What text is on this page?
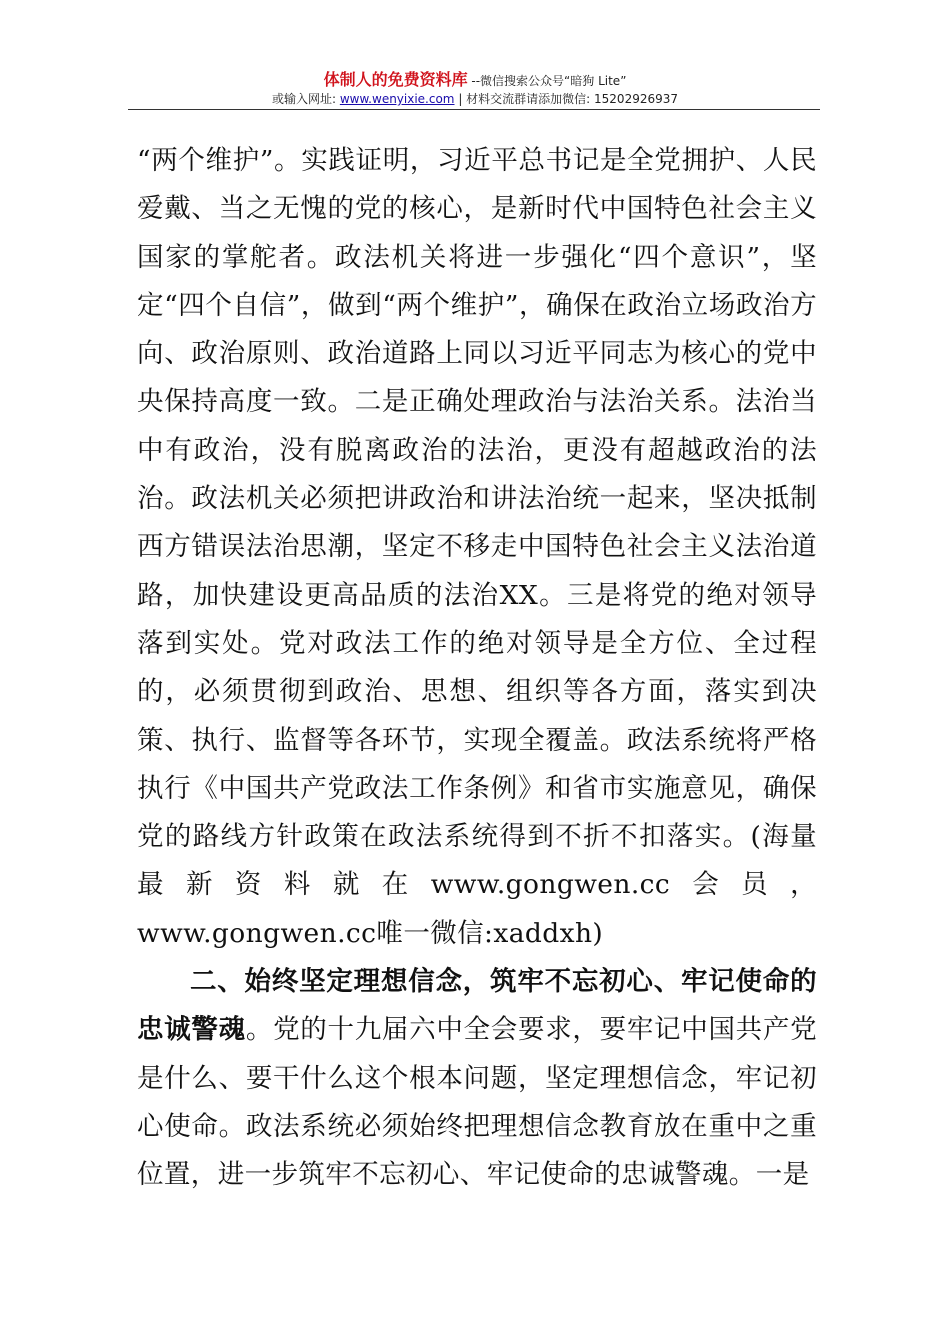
体制人的免费资料库 --微信搜索公众号“暗狗 Lite”
或输入网址: www.wenyixie.com | 材料交流群请添加微信: 15202926937

“两个维护”。实践证明，习近平总书记是全党拥护、人民爱戴、当之无愧的党的核心，是新时代中国特色社会主义国家的掌舵者。政法机关将进一步强化“四个意识”，坚定“四个自信”，做到“两个维护”，确保在政治立场政治方向、政治原则、政治道路上同以习近平同志为核心的党中央保持高度一致。二是正确处理政治与法治关系。法治当中有政治，没有脱离政治的法治，更没有超越政治的法治。政法机关必须把讲政治和讲法治统一起来，坚决抵制西方错误法治思潮，坚定不移走中国特色社会主义法治道路，加快建设更高品质的法治XX。三是将党的绝对领导落到实处。党对政法工作的绝对领导是全方位、全过程的，必须贯彻到政治、思想、组织等各方面，落实到决策、执行、监督等各环节，实现全覆盖。政法系统将严格执行《中国共产党政法工作条例》和省市实施意见，确保党的路线方针政策在政法系统得到不折不扣落实。(海量最新资料就在www.gongwen.cc会员，www.gongwen.cc唯一微信:xaddxh)

二、始终坚定理想信念，筑牢不忘初心、牢记使命的忠诚警魂。党的十九届六中全会要求，要牢记中国共产党是什么、要干什么这个根本问题，坚定理想信念，牢记初心使命。政法系统必须始终把理想信念教育放在重中之重位置，进一步筑牢不忘初心、牢记使命的忠诚警魂。一是
